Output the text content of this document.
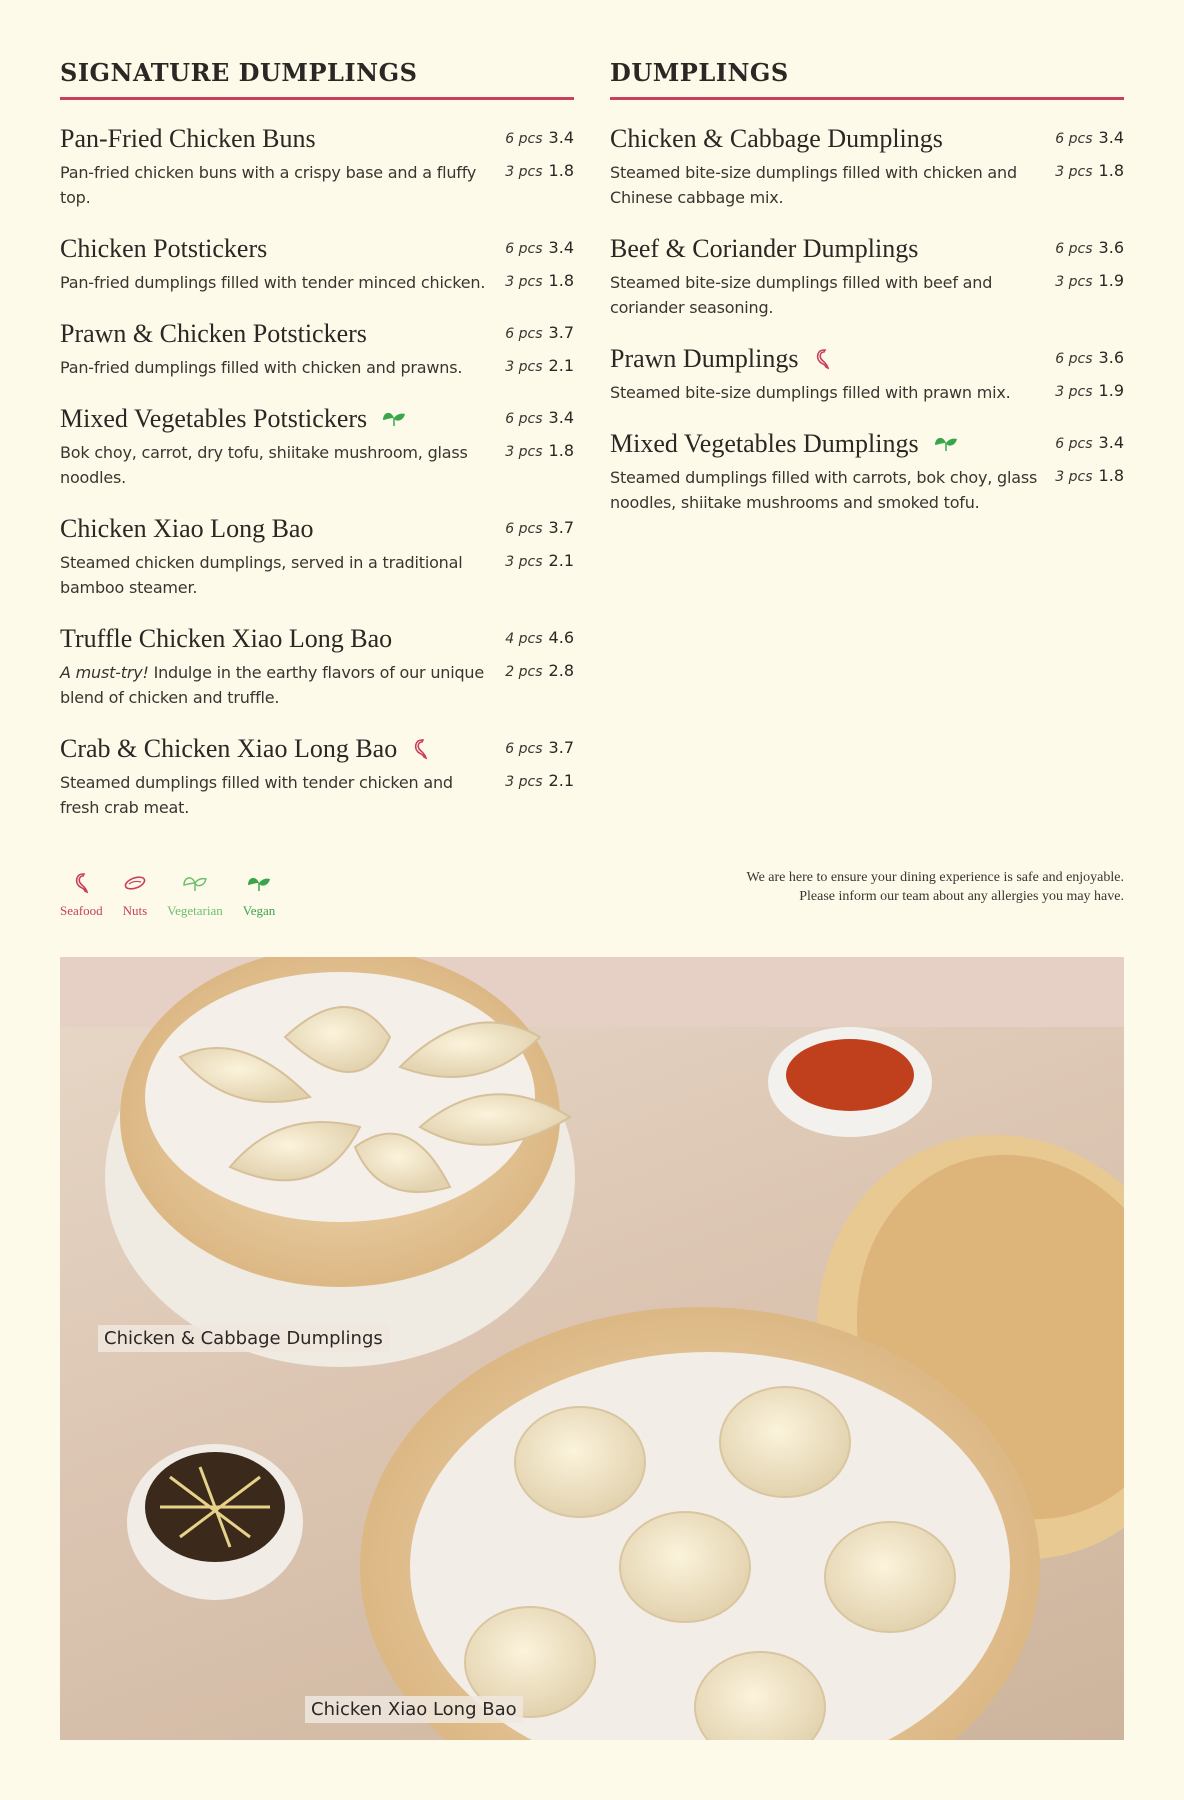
SIGNATURE DUMPLINGS
Pan-Fried Chicken Buns
Pan-fried chicken buns with a crispy base and a fluffy top.
6 pcs 3.4
3 pcs 1.8
Chicken Potstickers
Pan-fried dumplings filled with tender minced chicken.
6 pcs 3.4
3 pcs 1.8
Prawn & Chicken Potstickers
Pan-fried dumplings filled with chicken and prawns.
6 pcs 3.7
3 pcs 2.1
Mixed Vegetables Potstickers
Bok choy, carrot, dry tofu, shiitake mushroom, glass noodles.
6 pcs 3.4
3 pcs 1.8
Chicken Xiao Long Bao
Steamed chicken dumplings, served in a traditional bamboo steamer.
6 pcs 3.7
3 pcs 2.1
Truffle Chicken Xiao Long Bao
A must-try! Indulge in the earthy flavors of our unique blend of chicken and truffle.
4 pcs 4.6
2 pcs 2.8
Crab & Chicken Xiao Long Bao
Steamed dumplings filled with tender chicken and fresh crab meat.
6 pcs 3.7
3 pcs 2.1
DUMPLINGS
Chicken & Cabbage Dumplings
Steamed bite-size dumplings filled with chicken and Chinese cabbage mix.
6 pcs 3.4
3 pcs 1.8
Beef & Coriander Dumplings
Steamed bite-size dumplings filled with beef and coriander seasoning.
6 pcs 3.6
3 pcs 1.9
Prawn Dumplings
Steamed bite-size dumplings filled with prawn mix.
6 pcs 3.6
3 pcs 1.9
Mixed Vegetables Dumplings
Steamed dumplings filled with carrots, bok choy, glass noodles, shiitake mushrooms and smoked tofu.
6 pcs 3.4
3 pcs 1.8
Seafood Nuts Vegetarian Vegan
We are here to ensure your dining experience is safe and enjoyable.
Please inform our team about any allergies you may have.
Chicken & Cabbage Dumplings
Chicken Xiao Long Bao
